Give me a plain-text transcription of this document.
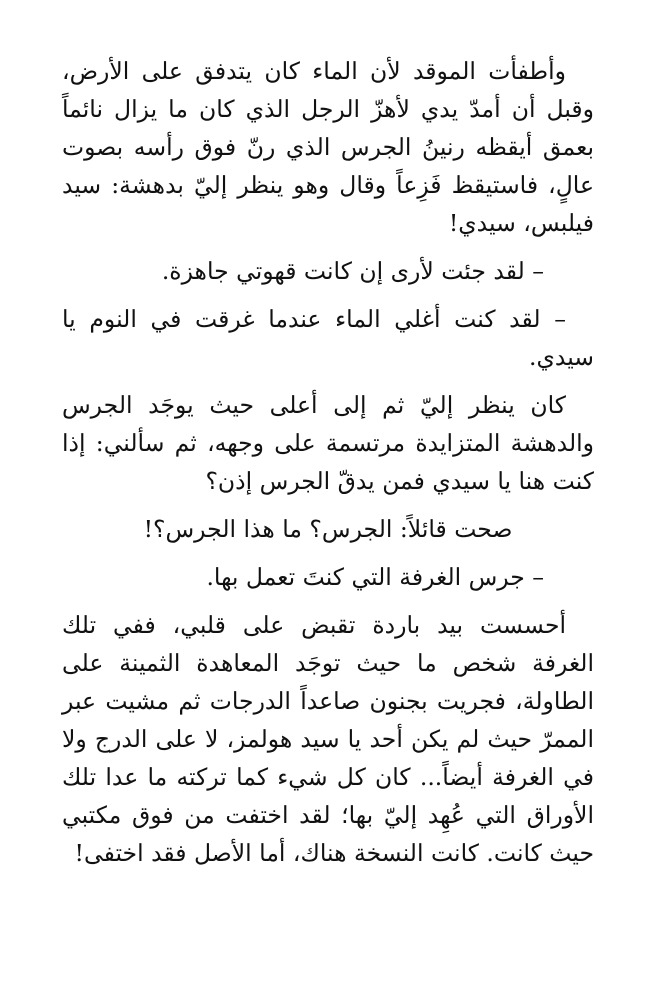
وأطفأت الموقد لأن الماء كان يتدفق على الأرض، وقبل أن أمدّ يدي لأهزّ الرجل الذي كان ما يزال نائماً بعمق أيقظه رنينُ الجرس الذي رنّ فوق رأسه بصوت عالٍ، فاستيقظ فَزِعاً وقال وهو ينظر إليّ بدهشة: سيد فيلبس، سيدي!

– لقد جئت لأرى إن كانت قهوتي جاهزة.

– لقد كنت أغلي الماء عندما غرقت في النوم يا سيدي.

كان ينظر إليّ ثم إلى أعلى حيث يوجَد الجرس والدهشة المتزايدة مرتسمة على وجهه، ثم سألني: إذا كنت هنا يا سيدي فمن يدقّ الجرس إذن؟

صحت قائلاً: الجرس؟ ما هذا الجرس؟!

– جرس الغرفة التي كنتَ تعمل بها.

أحسست بيد باردة تقبض على قلبي، ففي تلك الغرفة شخص ما حيث توجَد المعاهدة الثمينة على الطاولة، فجريت بجنون صاعداً الدرجات ثم مشيت عبر الممرّ حيث لم يكن أحد يا سيد هولمز، لا على الدرج ولا في الغرفة أيضاً... كان كل شيء كما تركته ما عدا تلك الأوراق التي عُهِد إليّ بها؛ لقد اختفت من فوق مكتبي حيث كانت. كانت النسخة هناك، أما الأصل فقد اختفى!
